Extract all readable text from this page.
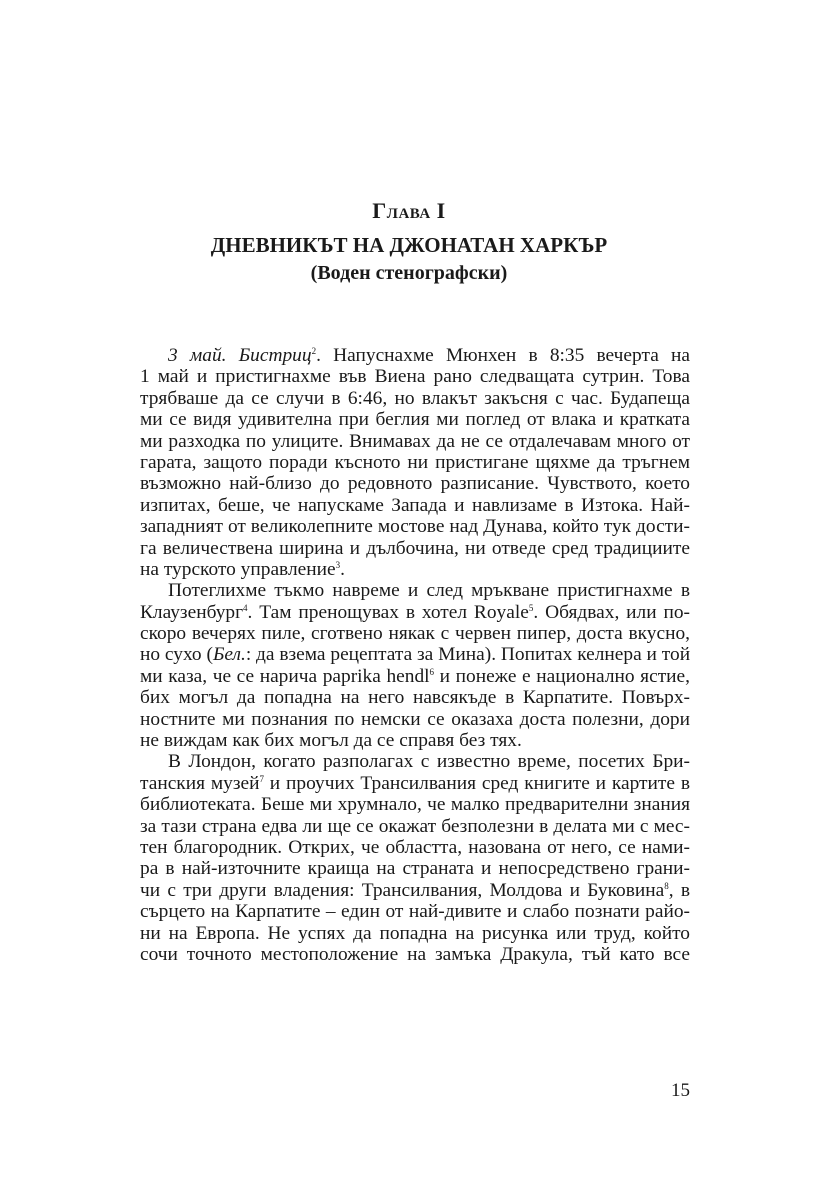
Глава I
ДНЕВНИКЪТ НА ДЖОНАТАН ХАРКЪР
(Воден стенографски)
3 май. Бистриц$^2$. Напуснахме Мюнхен в 8:35 вечерта на
1 май и пристигнахме във Виена рано следващата сутрин. Това
трябваше да се случи в 6:46, но влакът закъсня с час. Будапеща
ми се видя удивителна при беглия ми поглед от влака и кратката
ми разходка по улиците. Внимавах да не се отдалечавам много от
гарата, защото поради късното ни пристигане щяхме да тръгнем
възможно най-близо до редовното разписание. Чувството, което
изпитах, беше, че напускаме Запада и навлизаме в Изтока. Най-
западният от великолепните мостове над Дунава, който тук дости-
га величествена ширина и дълбочина, ни отведе сред традициите
на турското управление$^3$.
Потеглихме тъкмо навреме и след мръкване пристигнахме в
Клаузенбург$^4$. Там пренощувах в хотел Royale$^5$. Обядвах, или по-
скоро вечерях пиле, сготвено някак с червен пипер, доста вкусно,
но сухо (Бел.: да взема рецептата за Мина). Попитах келнера и той
ми каза, че се нарича paprika hendl$^6$ и понеже е национално ястие,
бих могъл да попадна на него навсякъде в Карпатите. Повърх-
ностните ми познания по немски се оказаха доста полезни, дори
не виждам как бих могъл да се справя без тях.
В Лондон, когато разполагах с известно време, посетих Бри-
танския музей$^7$ и проучих Трансилвания сред книгите и картите в
библиотеката. Беше ми хрумнало, че малко предварителни знания
за тази страна едва ли ще се окажат безполезни в делата ми с мес-
тен благородник. Открих, че областта, назована от него, се нами-
ра в най-източните краища на страната и непосредствено грани-
чи с три други владения: Трансилвания, Молдова и Буковина$^8$, в
сърцето на Карпатите – един от най-дивите и слабо познати райо-
ни на Европа. Не успях да попадна на рисунка или труд, който
сочи точното местоположение на замъка Дракула, тъй като все
15
